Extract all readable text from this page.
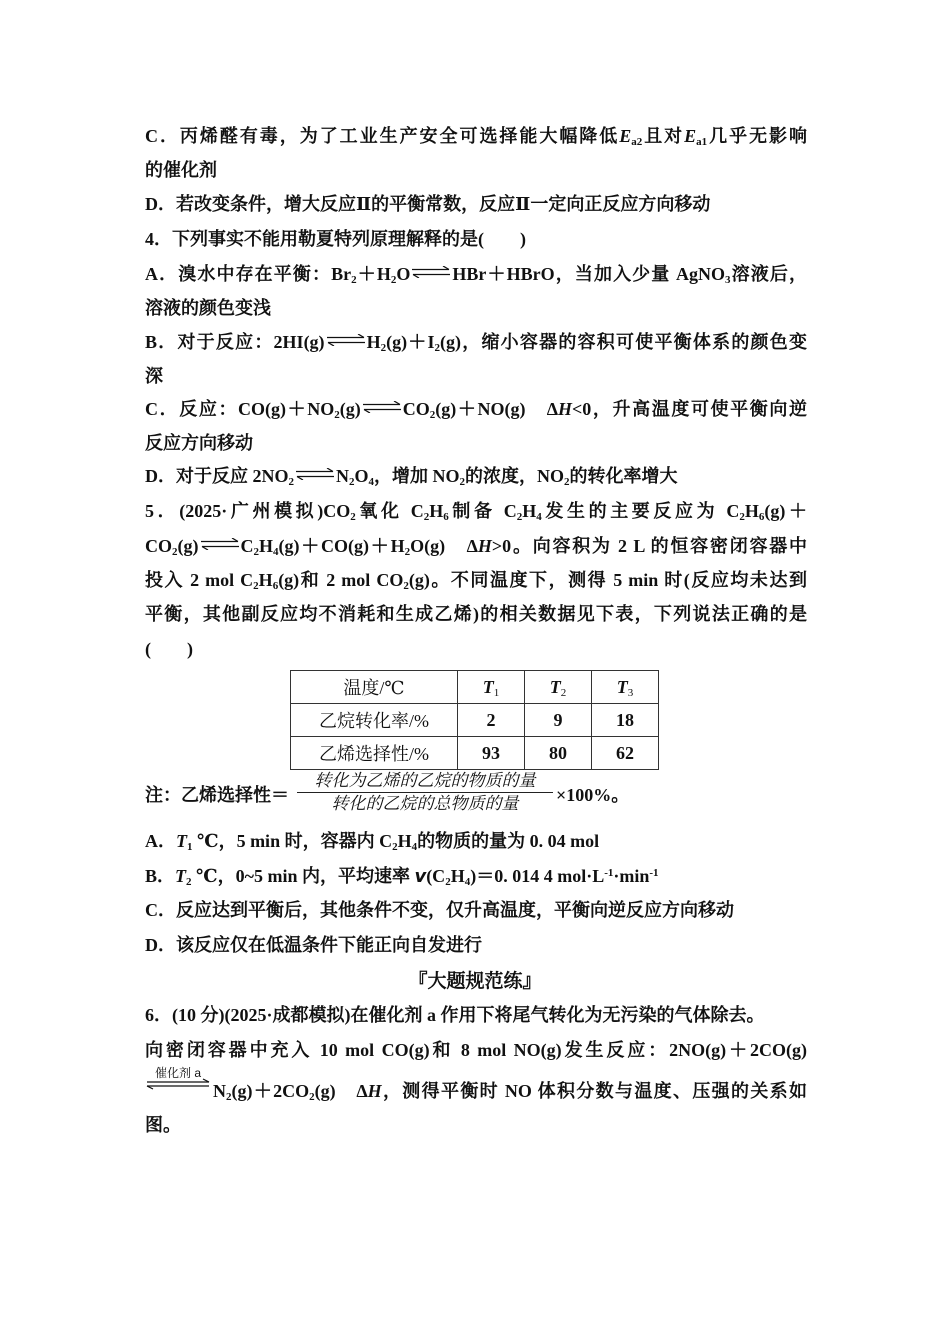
C．丙烯醛有毒，为了工业生产安全可选择能大幅降低$E_{a2}$且对$E_{a1}$几乎无影响
的催化剂
D．若改变条件，增大反应Ⅱ的平衡常数，反应Ⅱ一定向正反应方向移动
4．下列事实不能用勒夏特列原理解释的是(　　)
A．溴水中存在平衡：$Br_2+H_2O\rightleftharpoons HBr+HBrO$，当加入少量 AgNO$_3$溶液后，
溶液的颜色变浅
B．对于反应：$2HI(g)\rightleftharpoons H_2(g)+I_2(g)$，缩小容器的容积可使平衡体系的颜色变
深
C．反应：$CO(g)+NO_2(g)\rightleftharpoons CO_2(g)+NO(g)$　ΔH<0，升高温度可使平衡向逆
反应方向移动
D．对于反应 $2NO_2$ $\rightleftharpoons N_2O_4$，增加 $NO_2$的浓度，$NO_2$的转化率增大
5．(2025·广州模拟)$CO_2$氧化 $C_2H_6$制备 $C_2H_4$发生的主要反应为 $C_2H_6(g)+$
$CO_2(g)\rightleftharpoons C_2H_4(g)+CO(g)+H_2O(g)$　ΔH>0。向容积为 2 L 的恒容密闭容器中
投入 2 mol $C_2H_6(g)$和 2 mol $CO_2(g)$。不同温度下，测得 5 min 时(反应均未达到
平衡，其他副反应均不消耗和生成乙烯)的相关数据见下表，下列说法正确的是
(　　)
温度/℃	$T_1$	$T_2$	$T_3$
乙烷转化率/%	2	9	18
乙烯选择性/%	93	80	62
注：乙烯选择性＝
转化为乙烯的乙烷的物质的量
转化的乙烷的总物质的量	×100%。
A．$T_1$ ℃，5 min 时，容器内 $C_2H_4$的物质的量为 0. 04 mol
B．$T_2$ ℃，0~5 min 内，平均速率 $v(C_2H_4)=0$. 014 4 $mol\cdot L^{-1}\cdot\min^{-1}$
C．反应达到平衡后，其他条件不变，仅升高温度，平衡向逆反应方向移动
D．该反应仅在低温条件下能正向自发进行
『大题规范练』
6．(10 分)(2025·成都模拟)在催化剂 a 作用下将尾气转化为无污染的气体除去。
向密闭容器中充入 10 mol CO(g)和 8 mol NO(g)发生反应：2NO(g)＋2CO(g)
催化剂 a
$N_2(g)+2CO_2(g)$　ΔH，测得平衡时 NO 体积分数与温度、压强的关系如
图。
